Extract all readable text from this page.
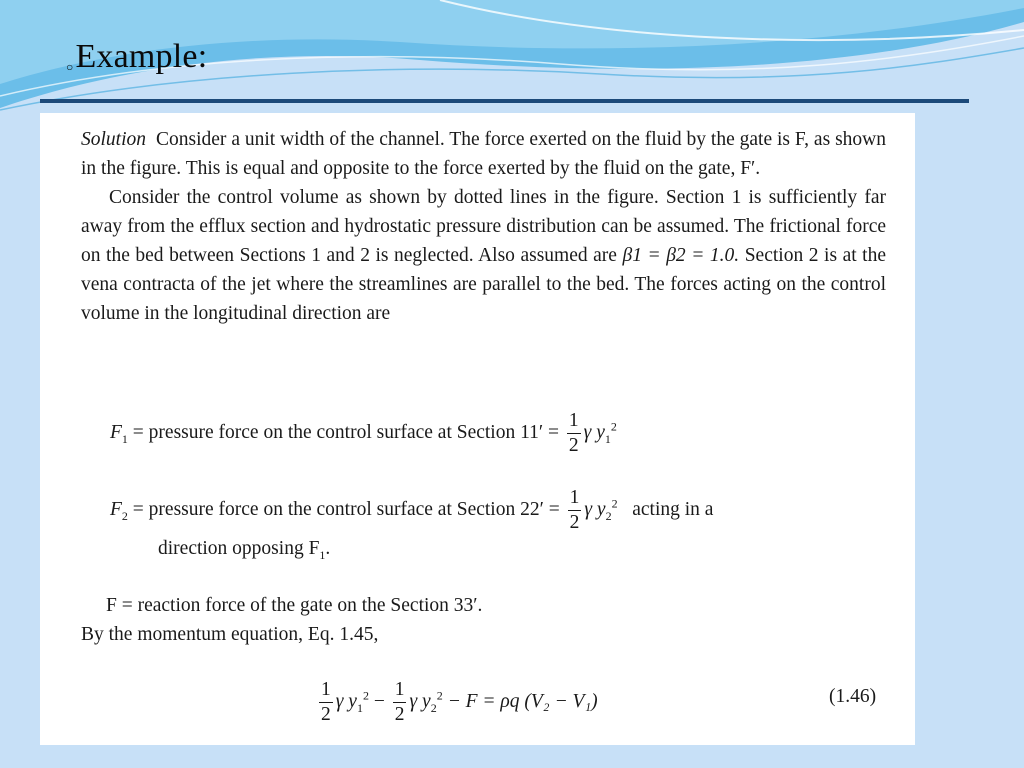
○Example:

Solution Consider a unit width of the channel. The force exerted on the fluid by the gate is F, as shown in the figure. This is equal and opposite to the force exerted by the fluid on the gate, F′.

Consider the control volume as shown by dotted lines in the figure. Section 1 is sufficiently far away from the efflux section and hydrostatic pressure distribution can be assumed. The frictional force on the bed between Sections 1 and 2 is neglected. Also assumed are β1 = β2 = 1.0. Section 2 is at the vena contracta of the jet where the streamlines are parallel to the bed. The forces acting on the control volume in the longitudinal direction are

$F_1$ = pressure force on the control surface at Section $11' = \frac{1}{2}$ γ $y_1^2$
$F_2$ = pressure force on the control surface at Section $22' = \frac{1}{2}$ γ $y_2^2$ acting in a
direction opposing $F_1$.
F = reaction force of the gate on the Section 33′.
By the momentum equation, Eq. 1.45,
$\frac{1}{2}$ γ $y_1^2 - \frac{1}{2}$ γ $y_2^2 - F = \rho q$ (V₂ − V₁)	(1.46)
